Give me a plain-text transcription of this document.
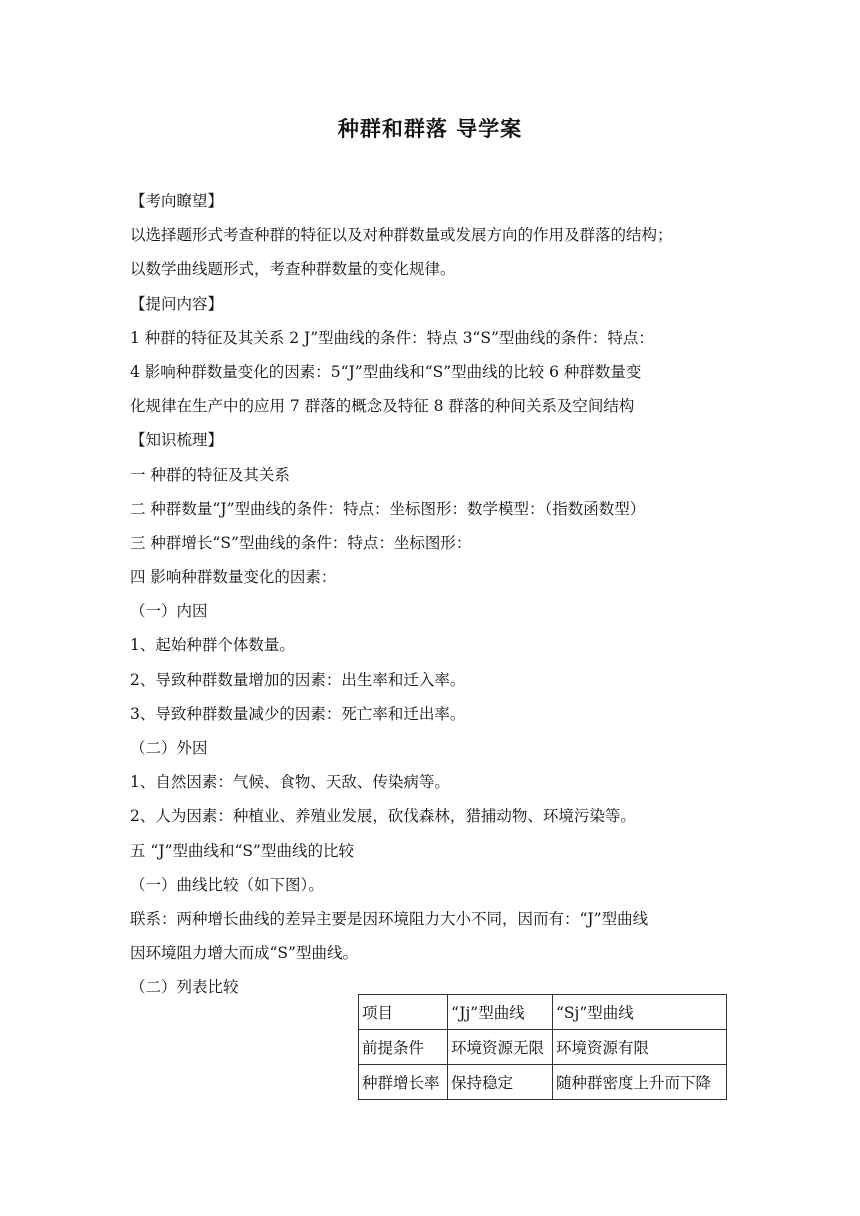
种群和群落 导学案
【考向瞭望】
以选择题形式考查种群的特征以及对种群数量或发展方向的作用及群落的结构；
以数学曲线题形式，考查种群数量的变化规律。
【提问内容】
1 种群的特征及其关系 2 J”型曲线的条件：特点 3“S”型曲线的条件：特点：
4 影响种群数量变化的因素：5“J”型曲线和“S”型曲线的比较 6 种群数量变
化规律在生产中的应用 7 群落的概念及特征 8 群落的种间关系及空间结构
【知识梳理】
一 种群的特征及其关系
二 种群数量“J”型曲线的条件：特点：坐标图形：数学模型：（指数函数型）
三 种群增长“S”型曲线的条件：特点：坐标图形：
四 影响种群数量变化的因素：
（一）内因
1、起始种群个体数量。
2、导致种群数量增加的因素：出生率和迁入率。
3、导致种群数量减少的因素：死亡率和迁出率。
（二）外因
1、自然因素：气候、食物、天敌、传染病等。
2、人为因素：种植业、养殖业发展，砍伐森林，猎捕动物、环境污染等。
五 “J”型曲线和“S”型曲线的比较
（一）曲线比较（如下图）。
联系：两种增长曲线的差异主要是因环境阻力大小不同，因而有：“J”型曲线
因环境阻力增大而成“S”型曲线。
（二）列表比较
项目	“Jj”型曲线	“Sj”型曲线
前提条件	环境资源无限	环境资源有限
种群增长率	保持稳定	随种群密度上升而下降
